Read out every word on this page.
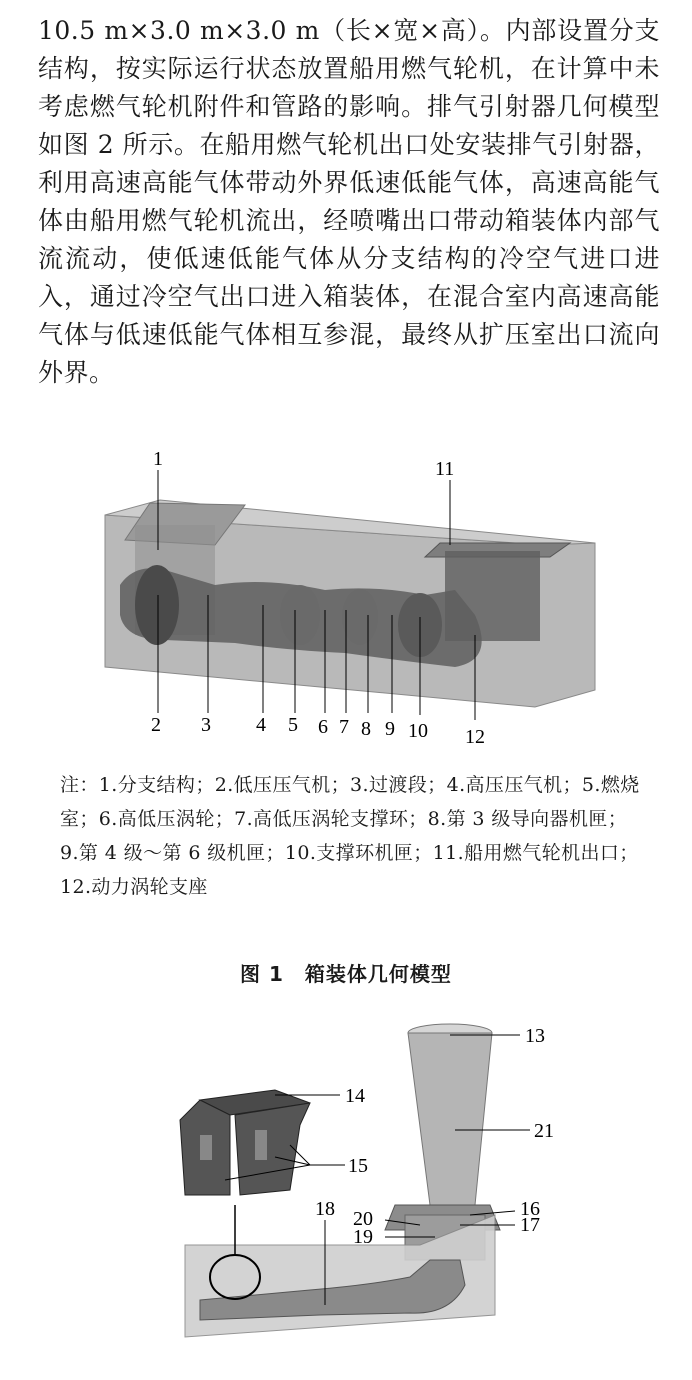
10.5 m×3.0 m×3.0 m（长×宽×高）。内部设置分支结构，按实际运行状态放置船用燃气轮机，在计算中未考虑燃气轮机附件和管路的影响。排气引射器几何模型如图 2 所示。在船用燃气轮机出口处安装排气引射器，利用高速高能气体带动外界低速低能气体，高速高能气体由船用燃气轮机流出，经喷嘴出口带动箱装体内部气流流动，使低速低能气体从分支结构的冷空气进口进入，通过冷空气出口进入箱装体，在混合室内高速高能气体与低速低能气体相互参混，最终从扩压室出口流向外界。

1	11
2 3 4 5 6 7 8 9 10 12

注：1.分支结构；2.低压压气机；3.过渡段；4.高压压气机；5.燃烧室；6.高低压涡轮；7.高低压涡轮支撑环；8.第 3 级导向器机匣；9.第 4 级～第 6 级机匣；10.支撑环机匣；11.船用燃气轮机出口；12.动力涡轮支座

图 1　箱装体几何模型
13
14
15
16
17
18
19
20
21
